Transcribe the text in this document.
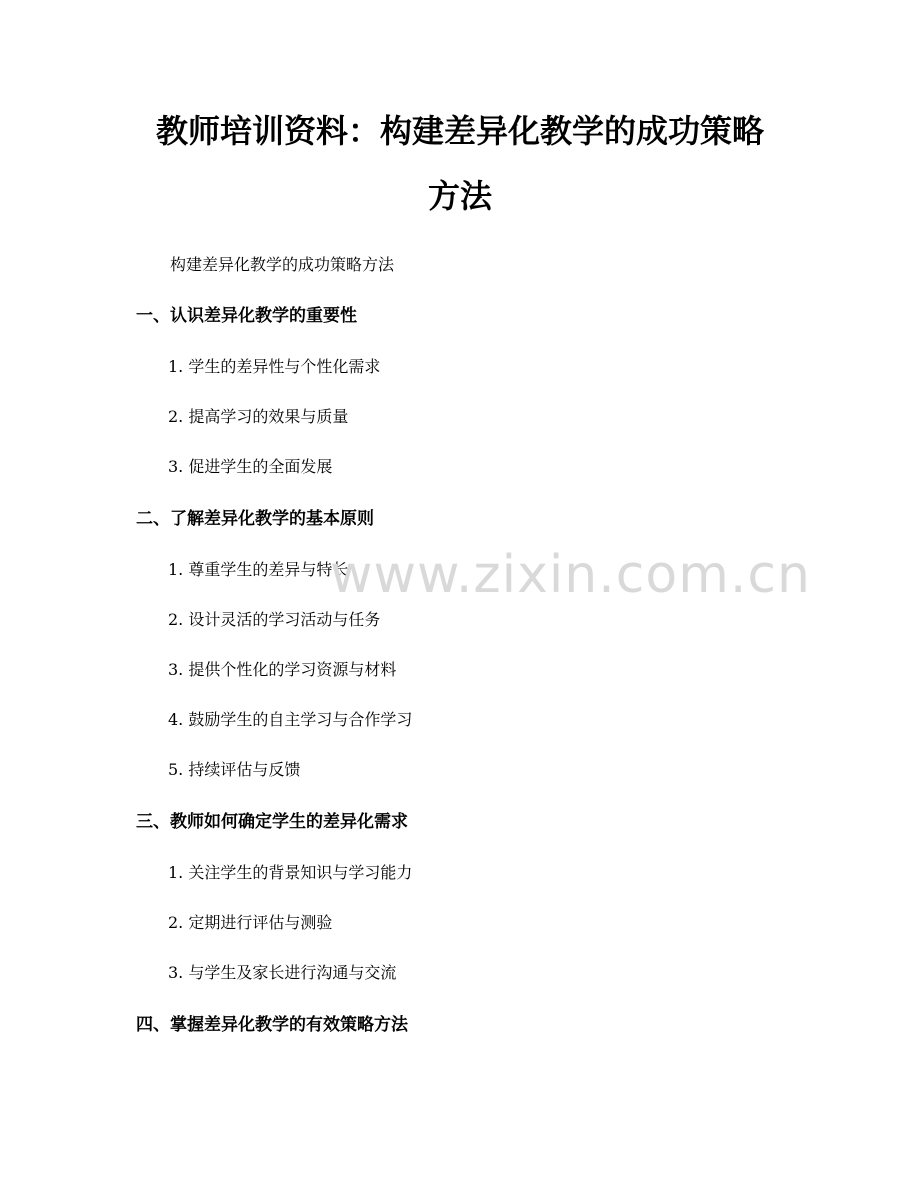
教师培训资料：构建差异化教学的成功策略
方法
构建差异化教学的成功策略方法
一、认识差异化教学的重要性
1. 学生的差异性与个性化需求
2. 提高学习的效果与质量
3. 促进学生的全面发展
二、了解差异化教学的基本原则
1. 尊重学生的差异与特长
2. 设计灵活的学习活动与任务
3. 提供个性化的学习资源与材料
4. 鼓励学生的自主学习与合作学习
5. 持续评估与反馈
三、教师如何确定学生的差异化需求
1. 关注学生的背景知识与学习能力
2. 定期进行评估与测验
3. 与学生及家长进行沟通与交流
四、掌握差异化教学的有效策略方法
www.zixin.com.cn
